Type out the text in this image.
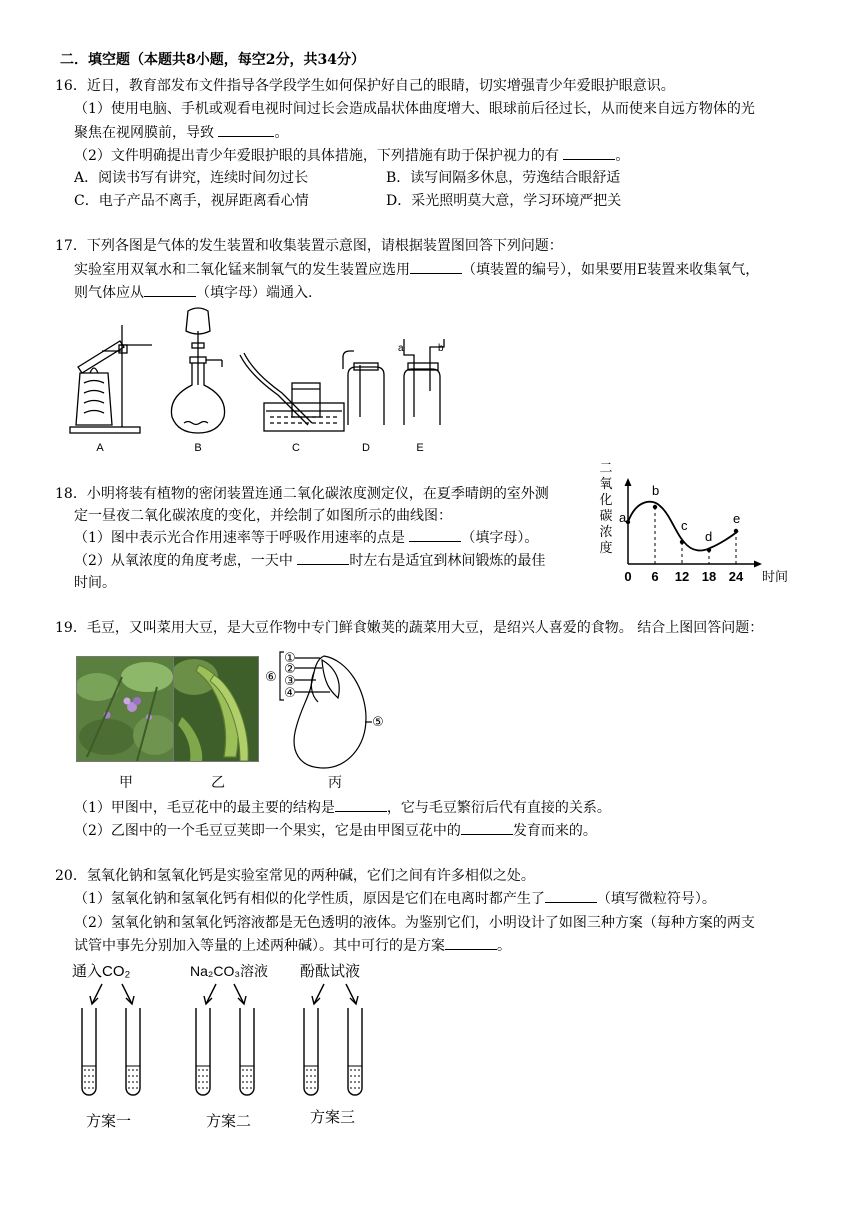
二．填空题（本题共8小题，每空2分，共34分）
16．近日，教育部发布文件指导各学段学生如何保护好自己的眼睛，切实增强青少年爱眼护眼意识。
（1）使用电脑、手机或观看电视时间过长会造成晶状体曲度增大、眼球前后径过长，从而使来自远方物体的光
聚焦在视网膜前，导致	。
（2）文件明确提出青少年爱眼护眼的具体措施，下列措施有助于保护视力的有	。
A．阅读书写有讲究，连续时间勿过长	B．读写间隔多休息，劳逸结合眼舒适
C．电子产品不离手，视屏距离看心情	D．采光照明莫大意，学习环境严把关
17．下列各图是气体的发生装置和收集装置示意图，请根据装置图回答下列问题：
实验室用双氧水和二氧化锰来制氧气的发生装置应选用	（填装置的编号），如果要用E装置来收集氧气，
则气体应从	（填字母）端通入.
A	B	C	D	E
a	b
18．小明将装有植物的密闭装置连通二氧化碳浓度测定仪，在夏季晴朗的室外测
定一昼夜二氧化碳浓度的变化，并绘制了如图所示的曲线图：
（1）图中表示光合作用速率等于呼吸作用速率的点是	（填字母）。
（2）从氧浓度的角度考虑，一天中	时左右是适宜到林间锻炼的最佳
时间。
二
氧
化
碳
浓
度
a
b
c
d
e
0 6 12 18 24 时间
19．毛豆，又叫菜用大豆，是大豆作物中专门鲜食嫩荚的蔬菜用大豆，是绍兴人喜爱的食物。 结合上图回答问题：
①
②
③
④
⑤
⑥
甲	乙	丙
（1）甲图中，毛豆花中的最主要的结构是	，它与毛豆繁衍后代有直接的关系。
（2）乙图中的一个毛豆豆荚即一个果实，它是由甲图豆花中的	发育而来的。
20．氢氧化钠和氢氧化钙是实验室常见的两种碱，它们之间有许多相似之处。
（1）氢氧化钠和氢氧化钙有相似的化学性质，原因是它们在电离时都产生了	（填写微粒符号）。
（2）氢氧化钠和氢氧化钙溶液都是无色透明的液体。为鉴别它们，小明设计了如图三种方案（每种方案的两支
试管中事先分别加入等量的上述两种碱）。其中可行的是方案	。
通入CO₂	Na₂CO₃溶液 酚酞试液
方案一	方案二	方案三
